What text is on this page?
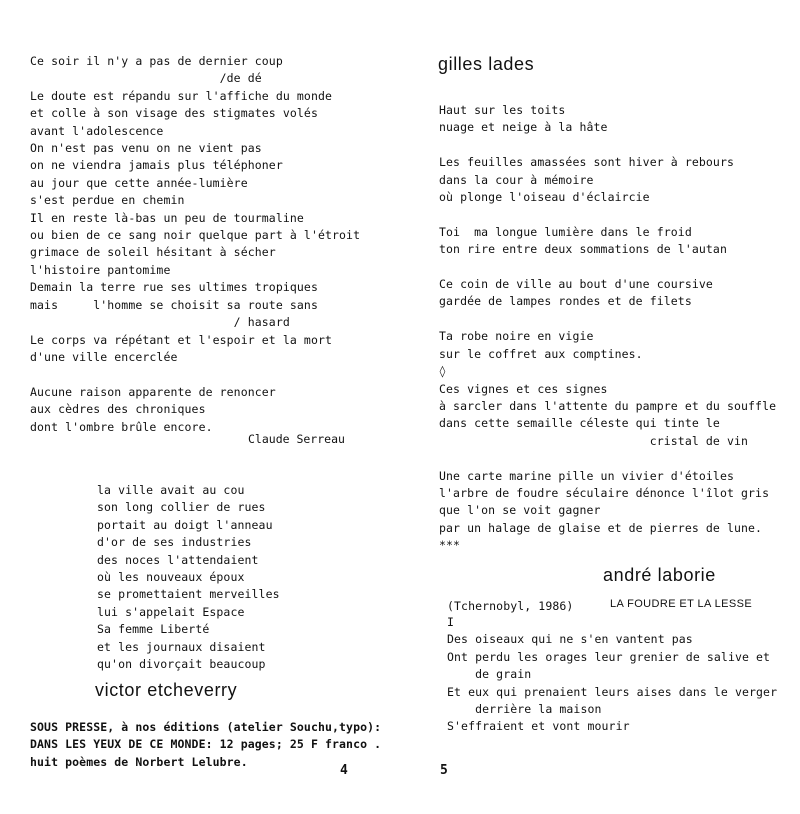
Ce soir il n'y a pas de dernier coup
/de dé
Le doute est répandu sur l'affiche du monde
et colle à son visage des stigmates volés
avant l'adolescence
On n'est pas venu on ne vient pas
on ne viendra jamais plus téléphoner
au jour que cette année-lumière
s'est perdue en chemin
Il en reste là-bas un peu de tourmaline
ou bien de ce sang noir quelque part à l'étroit
grimace de soleil hésitant à sécher
l'histoire pantomime
Demain la terre rue ses ultimes tropiques
mais     l'homme se choisit sa route sans
/ hasard
Le corps va répétant et l'espoir et la mort
d'une ville encerclée

Aucune raison apparente de renoncer
aux cèdres des chroniques
dont l'ombre brûle encore.
Claude Serreau
la ville avait au cou
son long collier de rues
portait au doigt l'anneau
d'or de ses industries
des noces l'attendaient
où les nouveaux époux
se promettaient merveilles
lui s'appelait Espace
Sa femme Liberté
et les journaux disaient
qu'on divorçait beaucoup
victor etcheverry
SOUS PRESSE, à nos éditions (atelier Souchu,typo):
DANS LES YEUX DE CE MONDE: 12 pages; 25 F franco .
huit poèmes de Norbert Lelubre.
4
gilles lades
Haut sur les toits
nuage et neige à la hâte

Les feuilles amassées sont hiver à rebours
dans la cour à mémoire
où plonge l'oiseau d'éclaircie

Toi  ma longue lumière dans le froid
ton rire entre deux sommations de l'autan

Ce coin de ville au bout d'une coursive
gardée de lampes rondes et de filets

Ta robe noire en vigie
sur le coffret aux comptines.
◊
Ces vignes et ces signes
à sarcler dans l'attente du pampre et du souffle
dans cette semaille céleste qui tinte le
cristal de vin

Une carte marine pille un vivier d'étoiles
l'arbre de foudre séculaire dénonce l'îlot gris
que l'on se voit gagner
par un halage de glaise et de pierres de lune.
***
andré laborie
(Tchernobyl, 1986)	LA FOUDRE ET LA LESSE
I
Des oiseaux qui ne s'en vantent pas
Ont perdu les orages leur grenier de salive et
de grain
Et eux qui prenaient leurs aises dans le verger
derrière la maison
S'effraient et vont mourir
5
